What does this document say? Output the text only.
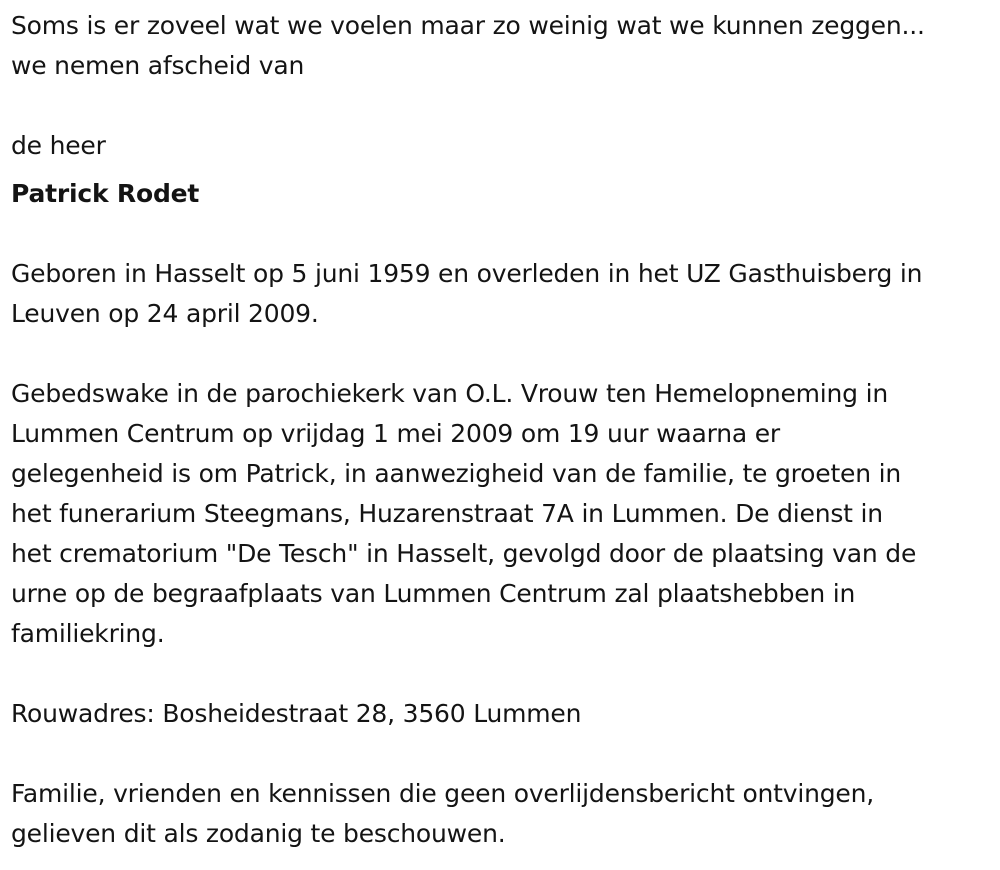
Soms is er zoveel wat we voelen maar zo weinig wat we kunnen zeggen...

we nemen afscheid van

de heer

Patrick Rodet

Geboren in Hasselt op 5 juni 1959 en overleden in het UZ Gasthuisberg in

Leuven op 24 april 2009.

Gebedswake in de parochiekerk van O.L. Vrouw ten Hemelopneming in

Lummen Centrum op vrijdag 1 mei 2009 om 19 uur waarna er

gelegenheid is om Patrick, in aanwezigheid van de familie, te groeten in

het funerarium Steegmans, Huzarenstraat 7A in Lummen. De dienst in

het crematorium "De Tesch" in Hasselt, gevolgd door de plaatsing van de

urne op de begraafplaats van Lummen Centrum zal plaatshebben in

familiekring.

Rouwadres: Bosheidestraat 28, 3560 Lummen

Familie, vrienden en kennissen die geen overlijdensbericht ontvingen,

gelieven dit als zodanig te beschouwen.
